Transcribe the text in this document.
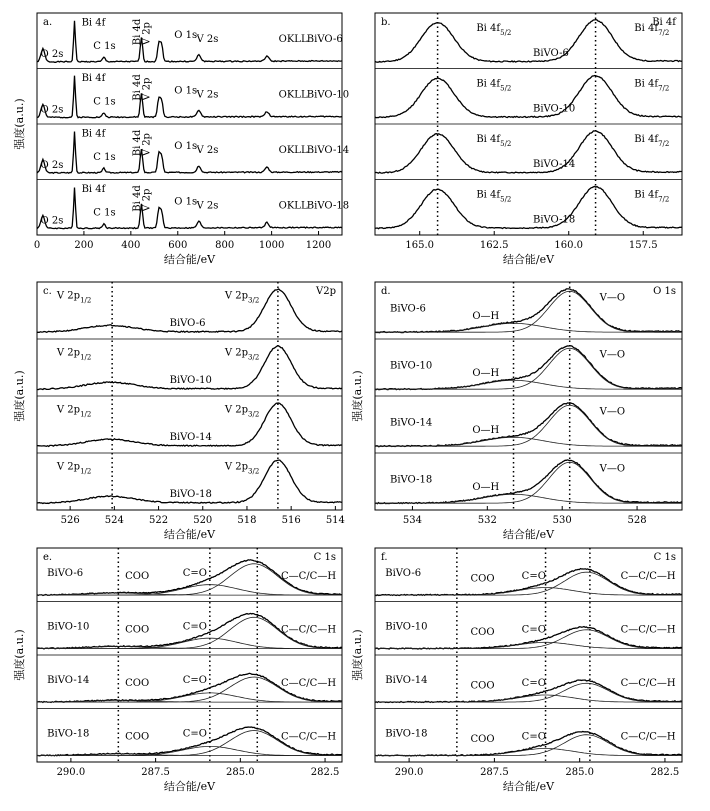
O 2s
Bi 4f
C 1s
Bi 4d
V 2p O 1s V 2s	OKLL BiVO-6
O 2s
Bi 4f
C 1s
Bi 4d
V 2p O 1s V 2s	OKLL BiVO-10
O 2s
Bi 4f
C 1s
Bi 4d
V 2p O 1s V 2s	OKLL BiVO-14
O 2s
Bi 4f
C 1s
Bi 4d
V 2p O 1s V 2s	OKLL BiVO-18
0	200	400	600	800 1000 1200
结合能/eV
强度(a.u.)
a.
Bi $4f_{5/2}$	Bi $4f_{7/2}$
BiVO-6
Bi $4f_{5/2}$	Bi $4f_{7/2}$
BiVO-10
Bi $4f_{5/2}$	Bi $4f_{7/2}$
BiVO-14
Bi $4f_{5/2}$	Bi $4f_{7/2}$
BiVO-18
165.0	162.5	160.0	157.5
结合能/eV
b.	Bi 4f
V $2p_{1/2}$	V $2p_{3/2}$
BiVO-6
V $2p_{1/2}$	V $2p_{3/2}$
BiVO-10
V $2p_{1/2}$	V $2p_{3/2}$
BiVO-14
V $2p_{1/2}$	V $2p_{3/2}$
BiVO-18
526	524	522	520	518	516	514
结合能/eV
强度(a.u.)
c.	V2p
O—H
V—O
BiVO-6
O—H
V—O
BiVO-10
O—H
V—O
BiVO-14
O—H
V—O
BiVO-18
534	532	530	528
结合能/eV
强度(a.u.)
d.	O 1s
COO	C=O	C—C/C—H
BiVO-6
COO	C=O	C—C/C—H
BiVO-10
COO	C=O	C—C/C—H
BiVO-14
COO	C=O	C—C/C—H
BiVO-18
290.0	287.5	285.0	282.5
结合能/eV
强度(a.u.)
e.	C 1s
COO	C=O	C—C/C—H
BiVO-6
COO	C=O	C—C/C—H
BiVO-10
COO	C=O	C—C/C—H
BiVO-14
COO	C=O	C—C/C—H
BiVO-18
290.0	287.5	285.0	282.5
结合能/eV
强度(a.u.)
f.	C 1s
